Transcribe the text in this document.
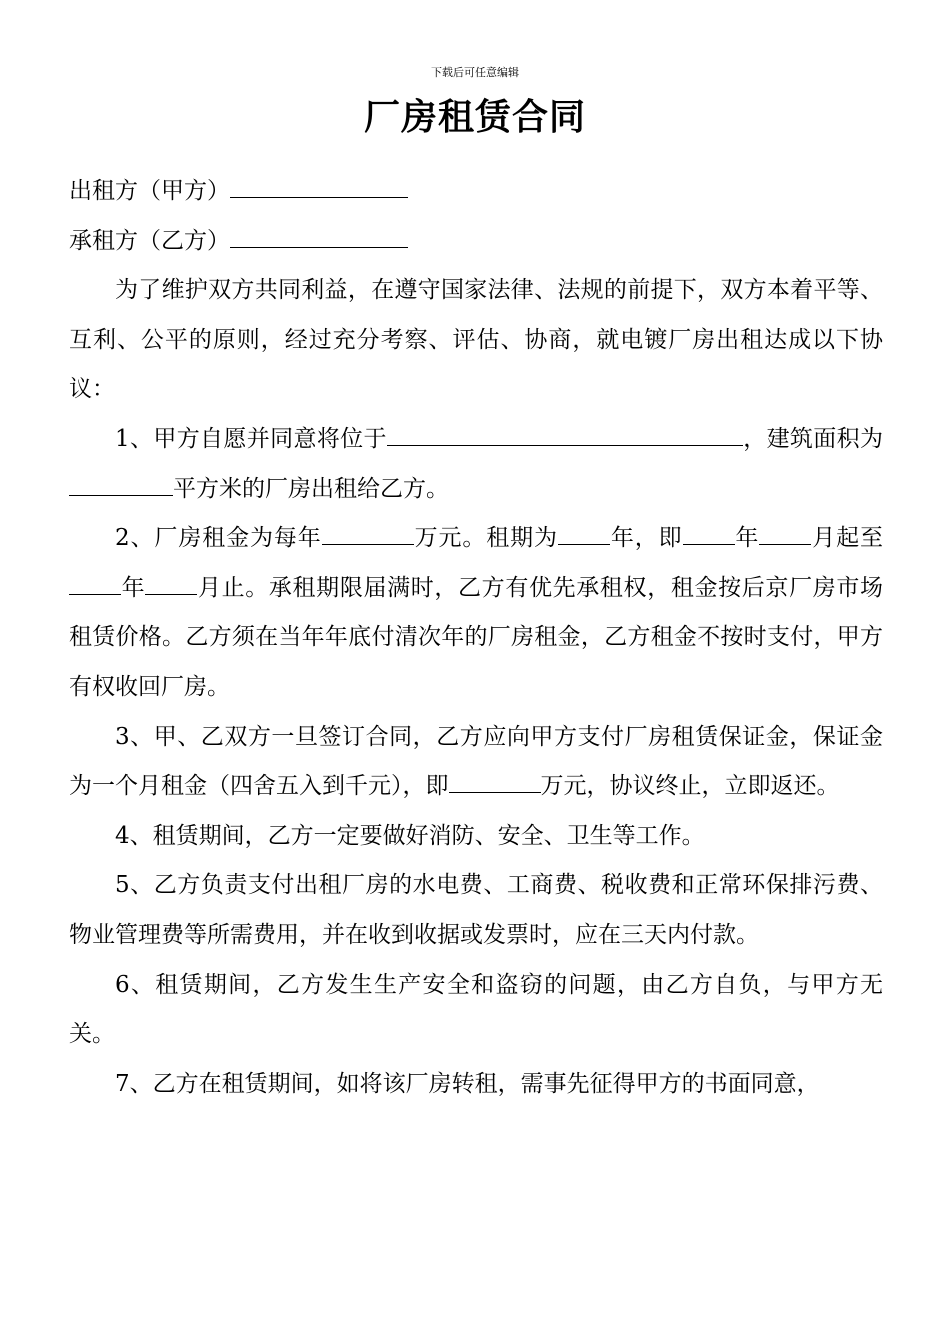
下载后可任意编辑
厂房租赁合同

出租方（甲方）

承租方（乙方）

为了维护双方共同利益，在遵守国家法律、法规的前提下，双方本着平等、互利、公平的原则，经过充分考察、评估、协商，就电镀厂房出租达成以下协议：

1、甲方自愿并同意将位于	，建筑面积为平方米的厂房出租给乙方。

2、厂房租金为每年	万元。租期为 年，即 年 月起至年 月止。承租期限届满时，乙方有优先承租权，租金按后京厂房市场租赁价格。乙方须在当年年底付清次年的厂房租金，乙方租金不按时支付，甲方有权收回厂房。

3、甲、乙双方一旦签订合同，乙方应向甲方支付厂房租赁保证金，保证金为一个月租金（四舍五入到千元），即	万元，协议终止，立即返还。

4、租赁期间，乙方一定要做好消防、安全、卫生等工作。

5、乙方负责支付出租厂房的水电费、工商费、税收费和正常环保排污费、物业管理费等所需费用，并在收到收据或发票时，应在三天内付款。

6、租赁期间，乙方发生生产安全和盗窃的问题，由乙方自负，与甲方无关。

7、乙方在租赁期间，如将该厂房转租，需事先征得甲方的书面同意，
